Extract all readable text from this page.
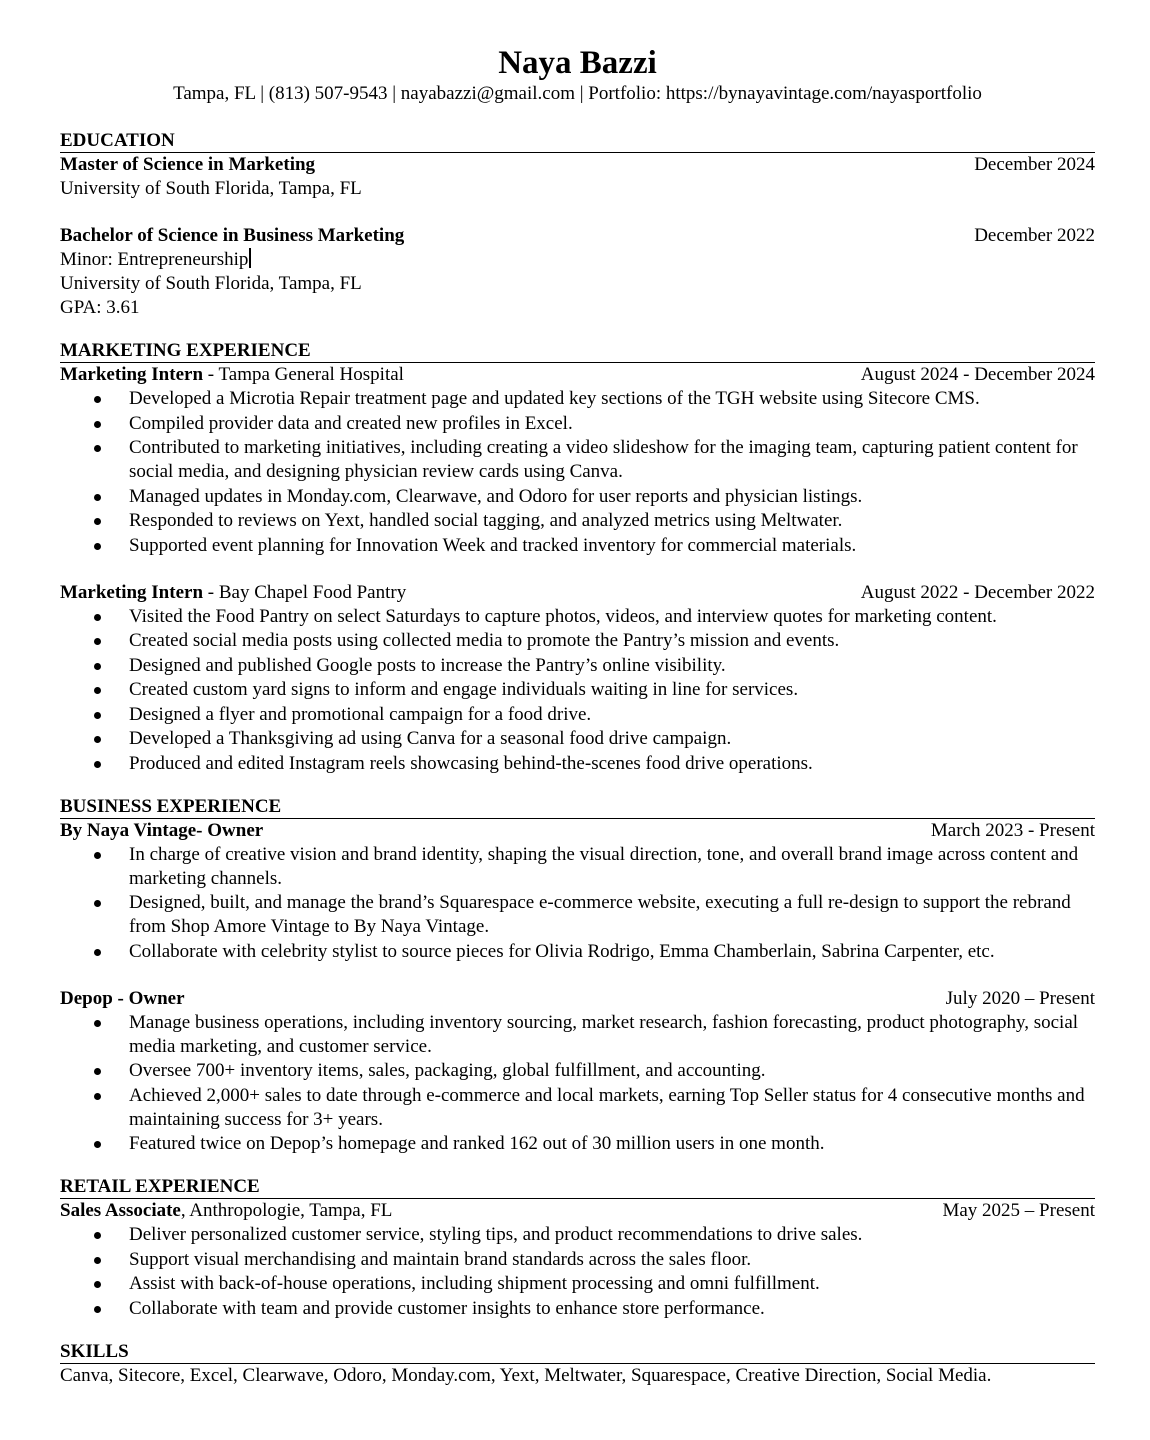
Naya Bazzi
Tampa, FL | (813) 507-9543 | nayabazzi@gmail.com | Portfolio: https://bynayavintage.com/nayasportfolio
EDUCATION
Master of Science in Marketing	December 2024
University of South Florida, Tampa, FL
Bachelor of Science in Business Marketing	December 2022
Minor: Entrepreneurship
University of South Florida, Tampa, FL
GPA: 3.61
MARKETING EXPERIENCE
Marketing Intern - Tampa General Hospital	August 2024 - December 2024
Developed a Microtia Repair treatment page and updated key sections of the TGH website using Sitecore CMS.
Compiled provider data and created new profiles in Excel.
Contributed to marketing initiatives, including creating a video slideshow for the imaging team, capturing patient content for social media, and designing physician review cards using Canva.
Managed updates in Monday.com, Clearwave, and Odoro for user reports and physician listings.
Responded to reviews on Yext, handled social tagging, and analyzed metrics using Meltwater.
Supported event planning for Innovation Week and tracked inventory for commercial materials.
Marketing Intern - Bay Chapel Food Pantry	August 2022 - December 2022
Visited the Food Pantry on select Saturdays to capture photos, videos, and interview quotes for marketing content.
Created social media posts using collected media to promote the Pantry’s mission and events.
Designed and published Google posts to increase the Pantry’s online visibility.
Created custom yard signs to inform and engage individuals waiting in line for services.
Designed a flyer and promotional campaign for a food drive.
Developed a Thanksgiving ad using Canva for a seasonal food drive campaign.
Produced and edited Instagram reels showcasing behind-the-scenes food drive operations.
BUSINESS EXPERIENCE
By Naya Vintage- Owner	March 2023 - Present
In charge of creative vision and brand identity, shaping the visual direction, tone, and overall brand image across content and marketing channels.
Designed, built, and manage the brand’s Squarespace e-commerce website, executing a full re-design to support the rebrand from Shop Amore Vintage to By Naya Vintage.
Collaborate with celebrity stylist to source pieces for Olivia Rodrigo, Emma Chamberlain, Sabrina Carpenter, etc.
Depop - Owner	July 2020 – Present
Manage business operations, including inventory sourcing, market research, fashion forecasting, product photography, social media marketing, and customer service.
Oversee 700+ inventory items, sales, packaging, global fulfillment, and accounting.
Achieved 2,000+ sales to date through e-commerce and local markets, earning Top Seller status for 4 consecutive months and maintaining success for 3+ years.
Featured twice on Depop’s homepage and ranked 162 out of 30 million users in one month.
RETAIL EXPERIENCE
Sales Associate, Anthropologie, Tampa, FL	May 2025 – Present
Deliver personalized customer service, styling tips, and product recommendations to drive sales.
Support visual merchandising and maintain brand standards across the sales floor.
Assist with back-of-house operations, including shipment processing and omni fulfillment.
Collaborate with team and provide customer insights to enhance store performance.
SKILLS
Canva, Sitecore, Excel, Clearwave, Odoro, Monday.com, Yext, Meltwater, Squarespace, Creative Direction, Social Media.
